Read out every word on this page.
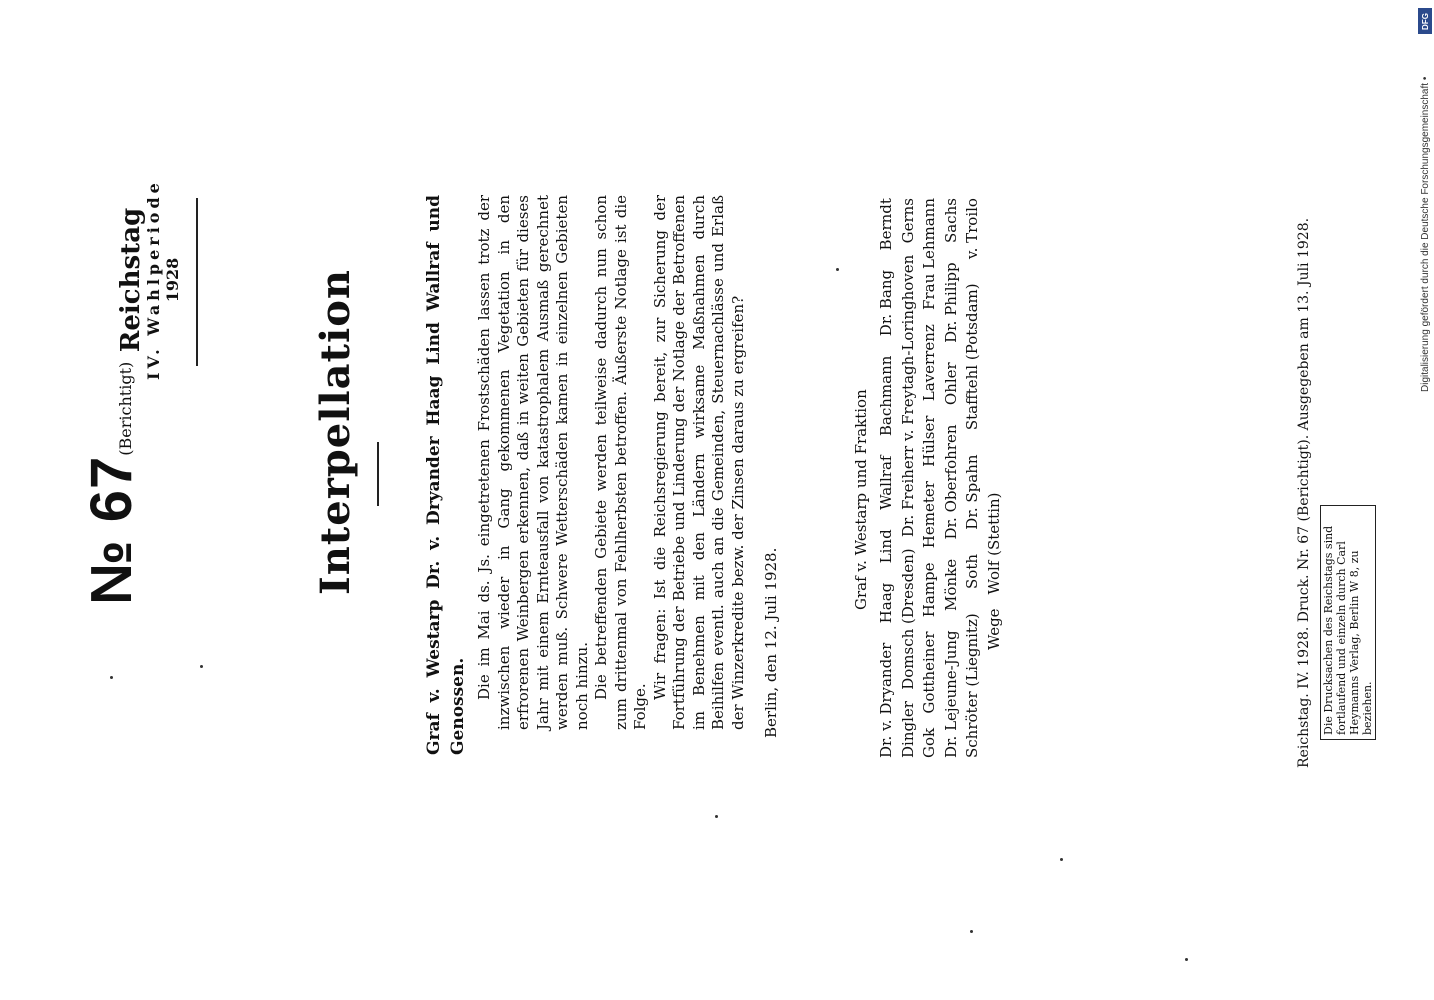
№ 67(Berichtigt)
Reichstag
IV. Wahlperiode 1928	Interpellation	Graf v. Westarp Dr. v. Dryander Haag Lind Wallraf und Genossen.

Die im Mai ds. Js. eingetretenen Frostschäden lassen trotz der inzwischen wieder in Gang gekommenen Vegetation in den erfrorenen Weinbergen erkennen, daß in weiten Gebieten für dieses Jahr mit einem Ernteausfall von katastrophalem Ausmaß gerechnet werden muß. Schwere Wetterschäden kamen in einzelnen Gebieten noch hinzu. Die betreffenden Gebiete werden teilweise dadurch nun schon zum drittenmal von Fehlherbsten betroffen. Äußerste Notlage ist die Folge.

Wir fragen: Ist die Reichsregierung bereit, zur Sicherung der Fortführung der Betriebe und Linderung der Notlage der Betroffenen im Benehmen mit den Ländern wirksame Maßnahmen durch Beihilfen eventl. auch an die Gemeinden, Steuernachlässe und Erlaß der Winzerkredite bezw. der Zinsen daraus zu ergreifen? Berlin, den 12. Juli 1928.
Graf v. Westarp und Fraktion
Dr. v. Dryander
Haag
Lind
Wallraf
Bachmann
Dr. Bang
Berndt
Dingler
Domsch (Dresden)
Dr. Freiherr v. Freytagh-Loringhoven
Gerns
Gok
Gottheiner
Hampe
Hemeter
Hülser
Laverrenz
Frau Lehmann
Dr. Lejeune-Jung
Mönke
Dr. Oberfohren
Ohler
Dr. Philipp
Sachs
Schröter (Liegnitz)
Soth
Dr. Spahn
Stafftehl (Potsdam)
v. Troilo
Wege
Wolf (Stettin)	Reichstag. IV. 1928. Druck. Nr. 67 (Berichtigt). Ausgegeben am 13. Juli 1928. Die Drucksachen des Reichstags sind fortlaufend und einzeln durch Carl Heymanns Verlag, Berlin W 8, zu beziehen.
Digitalisierung gefördert durch die Deutsche Forschungsgemeinschaft •
DFG
